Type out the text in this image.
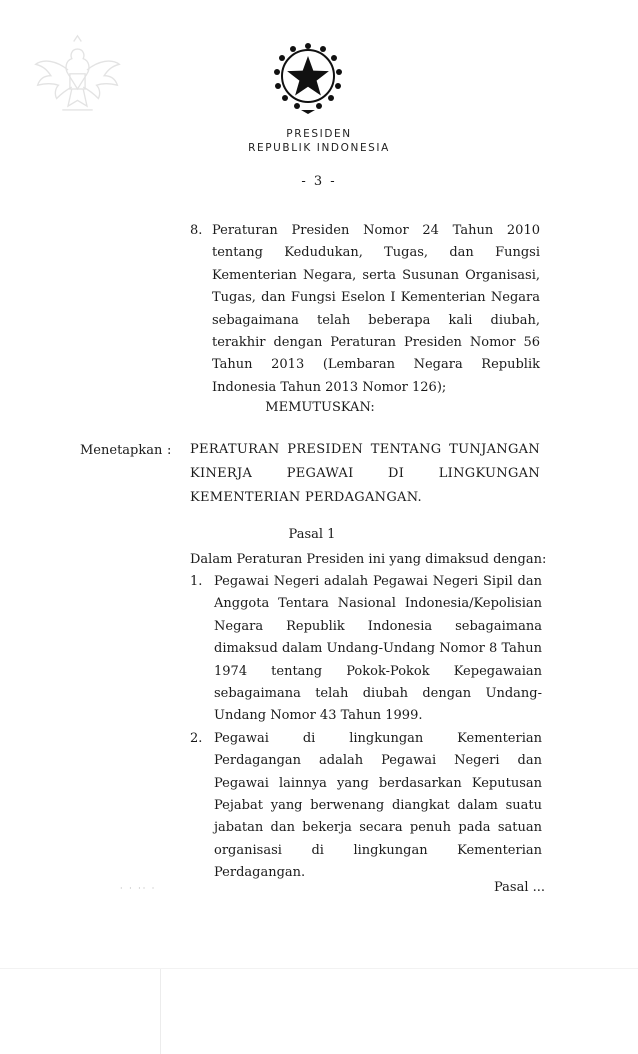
PRESIDEN
REPUBLIK INDONESIA
- 3 -
8. Peraturan Presiden Nomor 24 Tahun 2010 tentang Kedudukan, Tugas, dan Fungsi Kementerian Negara, serta Susunan Organisasi, Tugas, dan Fungsi Eselon I Kementerian Negara sebagaimana telah beberapa kali diubah, terakhir dengan Peraturan Presiden Nomor 56 Tahun 2013 (Lembaran Negara Republik Indonesia Tahun 2013 Nomor 126);
MEMUTUSKAN:
Menetapkan : PERATURAN PRESIDEN TENTANG TUNJANGAN KINERJA PEGAWAI DI LINGKUNGAN KEMENTERIAN PERDAGANGAN.
Pasal 1
Dalam Peraturan Presiden ini yang dimaksud dengan:
1. Pegawai Negeri adalah Pegawai Negeri Sipil dan Anggota Tentara Nasional Indonesia/Kepolisian Negara Republik Indonesia sebagaimana dimaksud dalam Undang-Undang Nomor 8 Tahun 1974 tentang Pokok-Pokok Kepegawaian sebagaimana telah diubah dengan Undang-Undang Nomor 43 Tahun 1999.
2. Pegawai di lingkungan Kementerian Perdagangan adalah Pegawai Negeri dan Pegawai lainnya yang berdasarkan Keputusan Pejabat yang berwenang diangkat dalam suatu jabatan dan bekerja secara penuh pada satuan organisasi di lingkungan Kementerian Perdagangan.
· · ·· ·	Pasal ...
